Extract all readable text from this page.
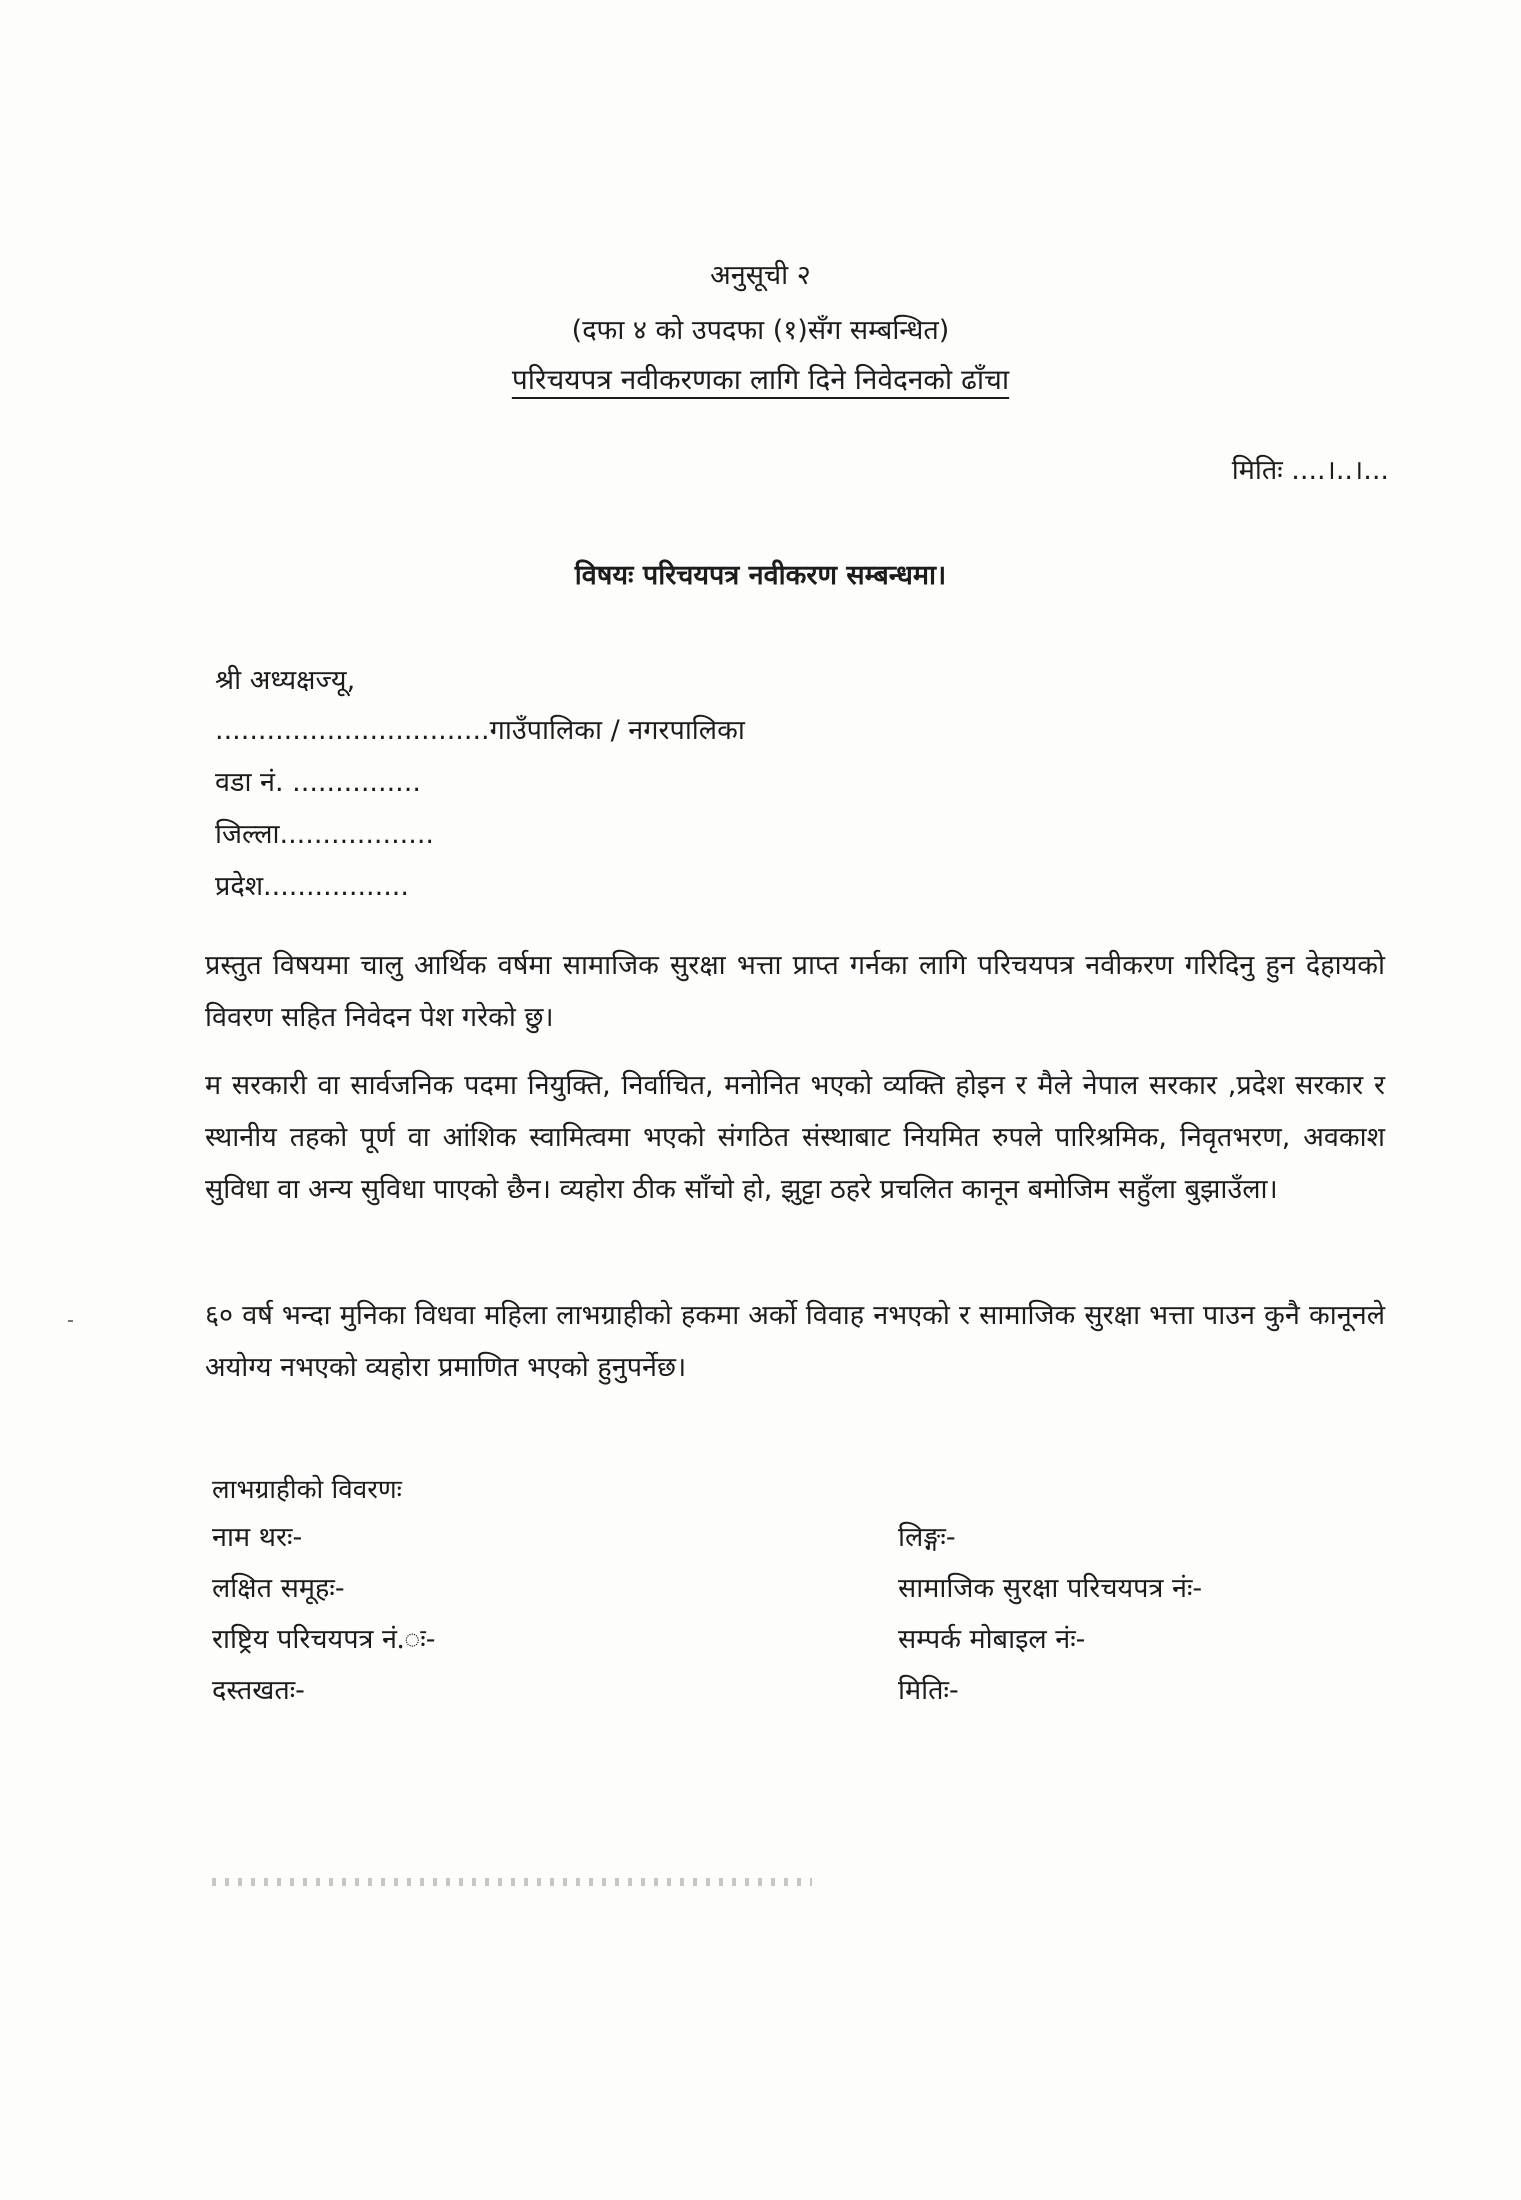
अनुसूची २
(दफा ४ को उपदफा (१)सँग सम्बन्धित)
परिचयपत्र नवीकरणका लागि दिने निवेदनको ढाँचा
मितिः ....।..।...
विषयः परिचयपत्र नवीकरण सम्बन्धमा।
श्री अध्यक्षज्यू,
................................गाउँपालिका / नगरपालिका
वडा नं. ...............
जिल्ला..................
प्रदेश.................

प्रस्तुत विषयमा चालु आर्थिक वर्षमा सामाजिक सुरक्षा भत्ता प्राप्त गर्नका लागि परिचयपत्र नवीकरण गरिदिनु हुन देहायको विवरण सहित निवेदन पेश गरेको छु।

म सरकारी वा सार्वजनिक पदमा नियुक्ति, निर्वाचित, मनोनित भएको व्यक्ति होइन र मैले नेपाल सरकार ,प्रदेश सरकार र स्थानीय तहको पूर्ण वा आंशिक स्वामित्वमा भएको संगठित संस्थाबाट नियमित रुपले पारिश्रमिक, निवृतभरण, अवकाश सुविधा वा अन्य सुविधा पाएको छैन। व्यहोरा ठीक साँचो हो, झुट्टा ठहरे प्रचलित कानून बमोजिम सहुँला बुझाउँला।

६० वर्ष भन्दा मुनिका विधवा महिला लाभग्राहीको हकमा अर्को विवाह नभएको र सामाजिक सुरक्षा भत्ता पाउन कुनै कानूनले अयोग्य नभएको व्यहोरा प्रमाणित भएको हुनुपर्नेछ।

लाभग्राहीको विवरणः
नाम थरः-
लक्षित समूहः-
राष्ट्रिय परिचयपत्र नं.ः-
दस्तखतः-
लिङ्गः-
सामाजिक सुरक्षा परिचयपत्र नंः-
सम्पर्क मोबाइल नंः-
मितिः-
